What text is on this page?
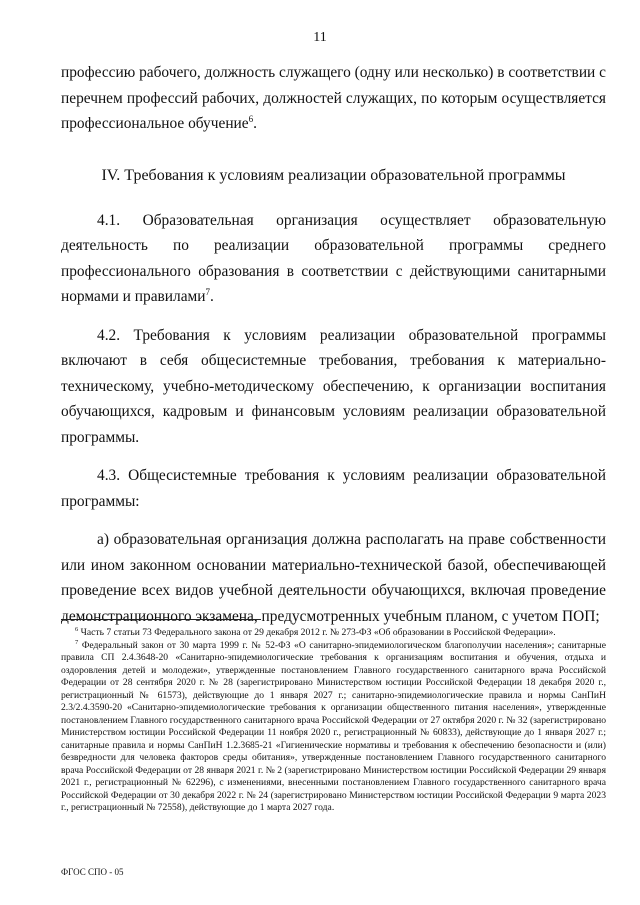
11

профессию рабочего, должность служащего (одну или несколько) в соответствии с перечнем профессий рабочих, должностей служащих, по которым осуществляется профессиональное обучение$^6$.

IV. Требования к условиям реализации образовательной программы

4.1. Образовательная организация осуществляет образовательную деятельность по реализации образовательной программы среднего профессионального образования в соответствии с действующими санитарными нормами и правилами$^7$.

4.2. Требования к условиям реализации образовательной программы включают в себя общесистемные требования, требования к материально-техническому, учебно-методическому обеспечению, к организации воспитания обучающихся, кадровым и финансовым условиям реализации образовательной программы.

4.3. Общесистемные требования к условиям реализации образовательной программы:

а) образовательная организация должна располагать на праве собственности или ином законном основании материально-технической базой, обеспечивающей проведение всех видов учебной деятельности обучающихся, включая проведение демонстрационного экзамена, предусмотренных учебным планом, с учетом ПОП;

$^6$ Часть 7 статьи 73 Федерального закона от 29 декабря 2012 г. № 273-ФЗ «Об образовании в Российской Федерации».

$^7$ Федеральный закон от 30 марта 1999 г. № 52-ФЗ «О санитарно-эпидемиологическом благополучии населения»; санитарные правила СП 2.4.3648-20 «Санитарно-эпидемиологические требования к организациям воспитания и обучения, отдыха и оздоровления детей и молодежи», утвержденные постановлением Главного государственного санитарного врача Российской Федерации от 28 сентября 2020 г. № 28 (зарегистрировано Министерством юстиции Российской Федерации 18 декабря 2020 г., регистрационный № 61573), действующие до 1 января 2027 г.; санитарно-эпидемиологические правила и нормы СанПиН 2.3/2.4.3590-20 «Санитарно-эпидемиологические требования к организации общественного питания населения», утвержденные постановлением Главного государственного санитарного врача Российской Федерации от 27 октября 2020 г. № 32 (зарегистрировано Министерством юстиции Российской Федерации 11 ноября 2020 г., регистрационный № 60833), действующие до 1 января 2027 г.; санитарные правила и нормы СанПиН 1.2.3685-21 «Гигиенические нормативы и требования к обеспечению безопасности и (или) безвредности для человека факторов среды обитания», утвержденные постановлением Главного государственного санитарного врача Российской Федерации от 28 января 2021 г. № 2 (зарегистрировано Министерством юстиции Российской Федерации 29 января 2021 г., регистрационный № 62296), с изменениями, внесенными постановлением Главного государственного санитарного врача Российской Федерации от 30 декабря 2022 г. № 24 (зарегистрировано Министерством юстиции Российской Федерации 9 марта 2023 г., регистрационный № 72558), действующие до 1 марта 2027 года.

ФГОС СПО - 05
